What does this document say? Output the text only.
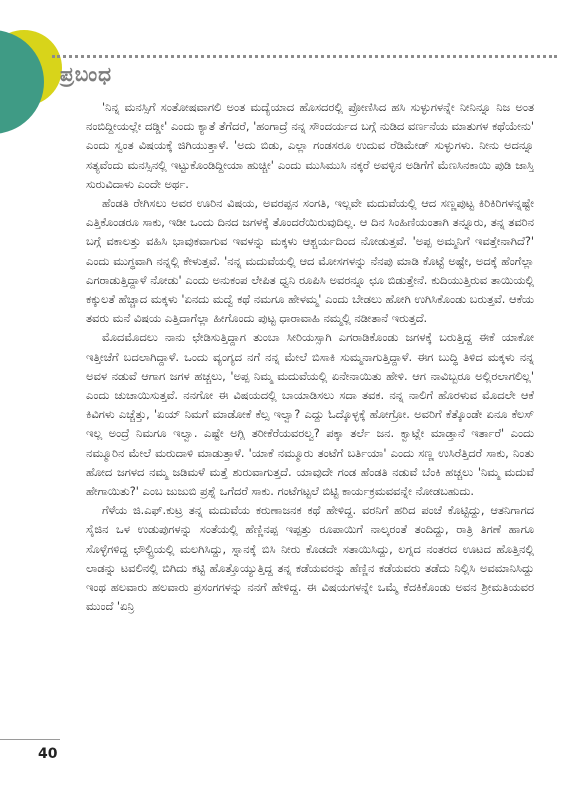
ಪ್ರಬಂಧ

'ನಿನ್ನ ಮನಸ್ಸಿಗೆ ಸಂತೋಷವಾಗಲಿ ಅಂತ ಮದ್ಯೆಯಾದ ಹೊಸದರಲ್ಲಿ ಪ್ರೋಣಿಸಿದ ಹಸಿ ಸುಳ್ಳುಗಳನ್ನೇ ನೀನಿನ್ನೂ ನಿಜ ಅಂತ ನಂಬಿದ್ದೀಯಲ್ಲೇ ದಡ್ಡೀ' ಎಂದು ಕ್ಯಾತೆ ತೆಗೆದರೆ, 'ಹಂಗಾದ್ರೆ ನನ್ನ ಸೌಂದರ್ಯದ ಬಗ್ಗೆ ನುಡಿದ ವರ್ಣನೆಯ ಮಾತುಗಳ ಕಥೆಯೇನು' ಎಂದು ಸ್ವಂತ ವಿಷಯಕ್ಕೆ ಜಿಗಿಯುತ್ತಾಳೆ. 'ಅದು ಬಿಡು, ಎಲ್ಲಾ ಗಂಡಸರೂ ಉದುವ ರೆಡಿಮೇಡ್ ಸುಳ್ಳುಗಳು. ನೀನು ಅದನ್ನೂ ಸತ್ಯವೆಂದು ಮನಸ್ಸಿನಲ್ಲಿ ಇಟ್ಟುಕೊಂಡಿದ್ದೀಯಾ ಹುಚ್ಚೀ' ಎಂದು ಮುಸಿಮುಸಿ ನಕ್ಕರೆ ಅವಳ್ಳಿನ ಅಡಿಗೆಗೆ ಮೆಣಸಿನಕಾಯಿ ಪುಡಿ ಜಾಸ್ತಿ ಸುರುವಿದಾಳು ಎಂದೇ ಅರ್ಥ.

ಹೆಂಡತಿ ರೇಗಿಸಲು ಅವರ ಊರಿನ ವಿಷಯ, ಅವರಪ್ಪನ ಸಂಗತಿ, ಇಲ್ಲವೇ ಮದುವೆಯಲ್ಲಿ ಆದ ಸಣ್ಣಪುಟ್ಟ ಕಿರಿಕಿರಿಗಳನ್ನಷ್ಟೇ ಎತ್ತಿಕೊಂಡರೂ ಸಾಕು, ಇಡೀ ಒಂದು ದಿನದ ಜಗಳಕ್ಕೆ ತೊಂದರೆಯಿರುವುದಿಲ್ಲ. ಆ ದಿನ ಸಿಂಹಿಣಿಯಂತಾಗಿ ತನ್ನೂರು, ತನ್ನ ತವರಿನ ಬಗ್ಗೆ ವಕಾಲತ್ತು ವಹಿಸಿ ಭಾವುಕವಾಗುವ ಇವಳನ್ನು ಮಕ್ಕಳು ಆಶ್ಚರ್ಯದಿಂದ ನೋಡುತ್ತವೆ. 'ಅಪ್ಪ ಅಮ್ಮನಿಗೆ ಇವತ್ತೇನಾಗಿದೆ?' ಎಂದು ಮುಗ್ಧವಾಗಿ ನನ್ನಲ್ಲಿ ಕೇಳುತ್ತವೆ. 'ನನ್ನ ಮದುವೆಯಲ್ಲಿ ಆದ ಮೋಸಗಳನ್ನು ನೆನಪು ಮಾಡಿ ಕೊಟ್ಟೆ ಅಷ್ಟೇ, ಅದಕ್ಕೆ ಹೆಂಗೆಲ್ಲಾ ಎಗರಾಡುತ್ತಿದ್ದಾಳೆ ನೋಡು' ಎಂದು ಅನುಕಂಪ ಲೇಪಿತ ಧ್ವನಿ ರೂಪಿಸಿ ಅವರನ್ನೂ ಛೂ ಬಿಡುತ್ತೇನೆ. ಕುದಿಯುತ್ತಿರುವ ತಾಯಿಯಲ್ಲಿ ಕಕ್ಕುಲತೆ ಹೆಚ್ಚಾದ ಮಕ್ಕಳು 'ಏನದು ಮದ್ವೆ ಕಥೆ ನಮಗೂ ಹೇಳಮ್ಮ' ಎಂದು ಬೇಡಲು ಹೋಗಿ ಉಗಿಸಿಕೊಂಡು ಬರುತ್ತವೆ. ಆಕೆಯ ತವರು ಮನೆ ವಿಷಯ ಎತ್ತಿದಾಗೆಲ್ಲಾ ಹೀಗೊಂದು ಪುಟ್ಟ ಧಾರಾವಾಹಿ ನಮ್ಮಲ್ಲಿ ನಡೀತಾನೆ ಇರುತ್ತದೆ.

ಮೊದಮೊದಲು ನಾನು ಛೇಡಿಸುತ್ತಿದ್ದಾಗ ತುಂಬಾ ಸೀರಿಯಸ್ಸಾಗಿ ಎಗರಾಡಿಕೊಂಡು ಜಗಳಕ್ಕೆ ಬರುತ್ತಿದ್ದ ಈಕೆ ಯಾಕೋ ಇತ್ತೀಚೆಗೆ ಬದಲಾಗಿದ್ದಾಳೆ. ಒಂದು ವ್ಯಂಗ್ಯದ ನಗೆ ನನ್ನ ಮೇಲೆ ಬಿಸಾಕಿ ಸುಮ್ಮನಾಗುತ್ತಿದ್ದಾಳೆ. ಈಗ ಬುದ್ಧಿ ತಿಳಿದ ಮಕ್ಕಳು ನನ್ನ ಅವಳ ನಡುವೆ ಆಗಾಗ ಜಗಳ ಹಚ್ಚಲು, 'ಅಪ್ಪ ನಿಮ್ಮ ಮದುವೆಯಲ್ಲಿ ಏನೇನಾಯಿತು ಹೇಳಿ. ಆಗ ನಾವಿಬ್ಬರೂ ಅಲ್ಲಿರಲಾಗಲಿಲ್ಲ' ಎಂದು ಚುಚಾಯಿಸುತ್ತವೆ. ನನಗೋ ಈ ವಿಷಯದಲ್ಲಿ ಬಾಯಾಡಿಸಲು ಸದಾ ತವಕ. ನನ್ನ ನಾಲಿಗೆ ಹೊರಳುವ ಮೊದಲೇ ಆಕೆ ಕಿವಿಗಳು ಎಚ್ಚೆತ್ತು, 'ಏಯ್ ನಿಮಗೆ ಮಾಡೋಕೆ ಕೆಲ್ಸ ಇಲ್ವಾ? ಎದ್ದು ಓದ್ಕೊಳ್ಳಕ್ಕೆ ಹೋಗ್ರೋ. ಅವರಿಗೆ ಕೆತ್ಕೊಂಡೇ ಏನೂ ಕೆಲಸ್ ಇಲ್ಲ ಅಂದ್ರೆ ನಿಮಗೂ ಇಲ್ವಾ. ಎಷ್ಟೇ ಅಗ್ಲಿ ತರೀಕೆರೆಯವರಲ್ವ? ಪಕ್ಕಾ ತರ್ಲೆ ಜನ. ಕ್ವಾಟ್ಲೇ ಮಾಡ್ತಾನೆ ಇರ್ತಾರೆ' ಎಂದು ನಮ್ಮೂರಿನ ಮೇಲೆ ಮರುದಾಳಿ ಮಾಡುತ್ತಾಳೆ. 'ಯಾಕೆ ನಮ್ಮೂರು ತಂಟೆಗೆ ಬರ್ತಿಯಾ' ಎಂದು ಸಣ್ಣ ಉಸಿರೆತ್ತಿದರೆ ಸಾಕು, ನಿಂತು ಹೋದ ಜಗಳದ ನಮ್ಮ ಜಡಿಮಳೆ ಮತ್ತೆ ಶುರುವಾಗುತ್ತದೆ. ಯಾವುದೇ ಗಂಡ ಹೆಂಡತಿ ನಡುವೆ ಬೆಂಕಿ ಹಚ್ಚಲು 'ನಿಮ್ಮ ಮದುವೆ ಹೇಗಾಯಿತು?' ಎಂಬ ಜುಜುಬಿ ಪ್ರಶ್ನೆ ಒಗೆದರೆ ಸಾಕು. ಗಂಟೆಗಟ್ಟಲೆ ಬಿಟ್ಟಿ ಕಾರ್ಯಕ್ರಮವವನ್ನೇ ನೋಡಬಹುದು.

ಗೆಳೆಯ ಜಿ.ಎಫ್.ಕುಟ್ರ ತನ್ನ ಮದುವೆಯ ಕರುಣಾಜನಕ ಕಥೆ ಹೇಳಿದ್ದ. ವರನಿಗೆ ಹರಿದ ಪಂಚೆ ಕೊಟ್ಟಿದ್ದು, ಆತನಿಗಾಗದ ಸೈಜಿನ ಒಳ ಉಡುಪುಗಳನ್ನು ಸಂತೆಯಲ್ಲಿ ಹೆಣ್ಣಿನಪ್ಪ ಇಪ್ಪತ್ತು ರೂಪಾಯಿಗೆ ನಾಲ್ಕರಂತೆ ತಂದಿದ್ದು, ರಾತ್ರಿ ತಿಗಣೆ ಹಾಗೂ ಸೊಳ್ಳೆಗಳಿದ್ದ ಛೌಲ್ಟ್ರಿಯಲ್ಲಿ ಮಲಗಿಸಿದ್ದು, ಸ್ನಾನಕ್ಕೆ ಬಿಸಿ ನೀರು ಕೊಡದೇ ಸತಾಯಿಸಿದ್ದು, ಲಗ್ನದ ನಂತರದ ಊಟದ ಹೊತ್ತಿನಲ್ಲಿ ಲಾಡನ್ನು ಟವಲಿನಲ್ಲಿ ಬಿಗಿದು ಕಟ್ಟಿ ಹೊತ್ತೊಯ್ಯುತ್ತಿದ್ದ ತನ್ನ ಕಡೆಯವರನ್ನು ಹೆಣ್ಣಿನ ಕಡೆಯವರು ತಡೆದು ನಿಲ್ಲಿಸಿ ಅವಮಾನಿಸಿದ್ದು ಇಂಥ ಹಲವಾರು ಹಲವಾರು ಪ್ರಸಂಗಗಳನ್ನು ನನಗೆ ಹೇಳಿದ್ದ. ಈ ವಿಷಯಗಳನ್ನೇ ಒಮ್ಮೆ ಕೆದಕಿಕೊಂಡು ಅವನ ಶ್ರೀಮತಿಯವರ ಮುಂದೆ 'ಏನ್ರಿ

40
